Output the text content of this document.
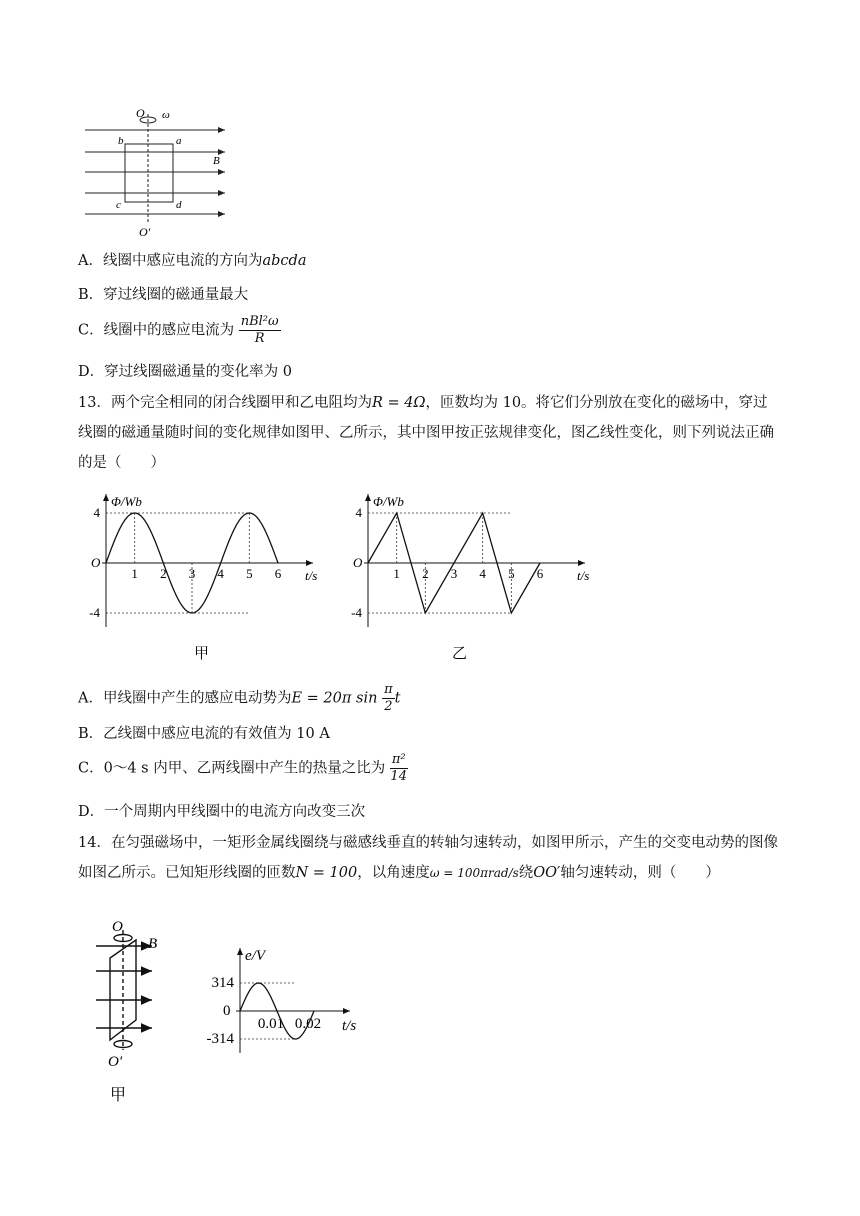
O ω
b	a
B
c	d
O′
A．线圈中感应电流的方向为abcda
B．穿过线圈的磁通量最大
C．线圈中的感应电流为 $\frac{\text{nBl²ω}}{R}$
D．穿过线圈磁通量的变化率为 0
13．两个完全相同的闭合线圈甲和乙电阻均为R = 4Ω，匝数均为 10。将它们分别放在变化的磁场中，穿过线圈的磁通量随时间的变化规律如图甲、乙所示，其中图甲按正弦规律变化，图乙线性变化，则下列说法正确的是（　　）
Φ/Wb
t/s
O
4
-4
1 2 3 4 5 6
甲
Φ/Wb
t/s
O
4
-4
1 2 3 4 5 6
乙
A．甲线圈中产生的感应电动势为E = 20π $\sin \frac{\pi}{2}$ t
B．乙线圈中感应电流的有效值为 10 A
C．0～4 s 内甲、乙两线圈中产生的热量之比为 $\frac{\text{π²}}{14}$
D．一个周期内甲线圈中的电流方向改变三次
14．在匀强磁场中，一矩形金属线圈绕与磁感线垂直的转轴匀速转动，如图甲所示，产生的交变电动势的图像如图乙所示。已知矩形线圈的匝数N = 100，以角速度ω = 100πrad/s绕OO′轴匀速转动，则（　　）
O
B
O′
甲
e/V
t/s
0
314
-314
0.01 0.02
